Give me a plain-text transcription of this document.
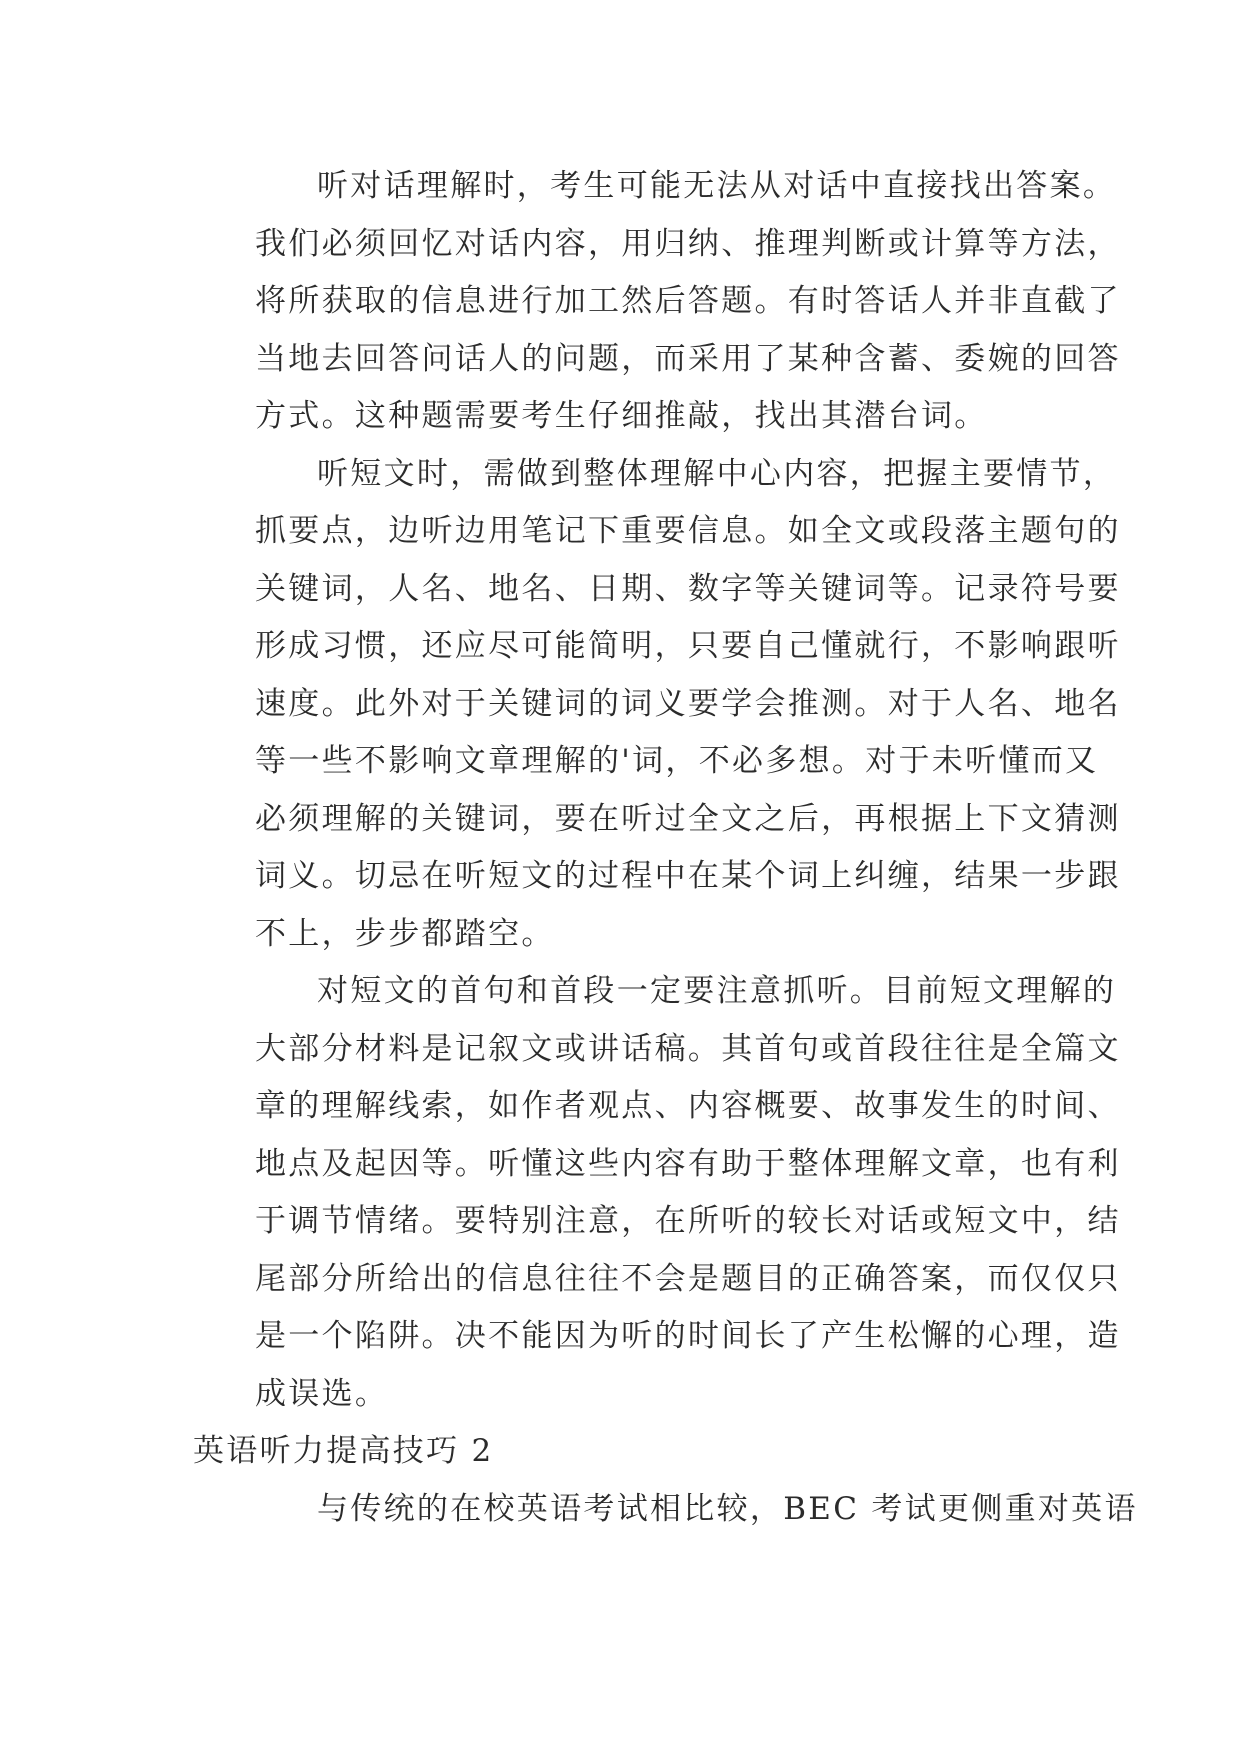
听对话理解时，考生可能无法从对话中直接找出答案。
我们必须回忆对话内容，用归纳、推理判断或计算等方法，
将所获取的信息进行加工然后答题。有时答话人并非直截了
当地去回答问话人的问题，而采用了某种含蓄、委婉的回答
方式。这种题需要考生仔细推敲，找出其潜台词。
听短文时，需做到整体理解中心内容，把握主要情节，
抓要点，边听边用笔记下重要信息。如全文或段落主题句的
关键词，人名、地名、日期、数字等关键词等。记录符号要
形成习惯，还应尽可能简明，只要自己懂就行，不影响跟听
速度。此外对于关键词的词义要学会推测。对于人名、地名
等一些不影响文章理解的'词，不必多想。对于未听懂而又
必须理解的关键词，要在听过全文之后，再根据上下文猜测
词义。切忌在听短文的过程中在某个词上纠缠，结果一步跟
不上，步步都踏空。
对短文的首句和首段一定要注意抓听。目前短文理解的
大部分材料是记叙文或讲话稿。其首句或首段往往是全篇文
章的理解线索，如作者观点、内容概要、故事发生的时间、
地点及起因等。听懂这些内容有助于整体理解文章，也有利
于调节情绪。要特别注意，在所听的较长对话或短文中，结
尾部分所给出的信息往往不会是题目的正确答案，而仅仅只
是一个陷阱。决不能因为听的时间长了产生松懈的心理，造
成误选。
英语听力提高技巧 2
与传统的在校英语考试相比较，BEC 考试更侧重对英语
